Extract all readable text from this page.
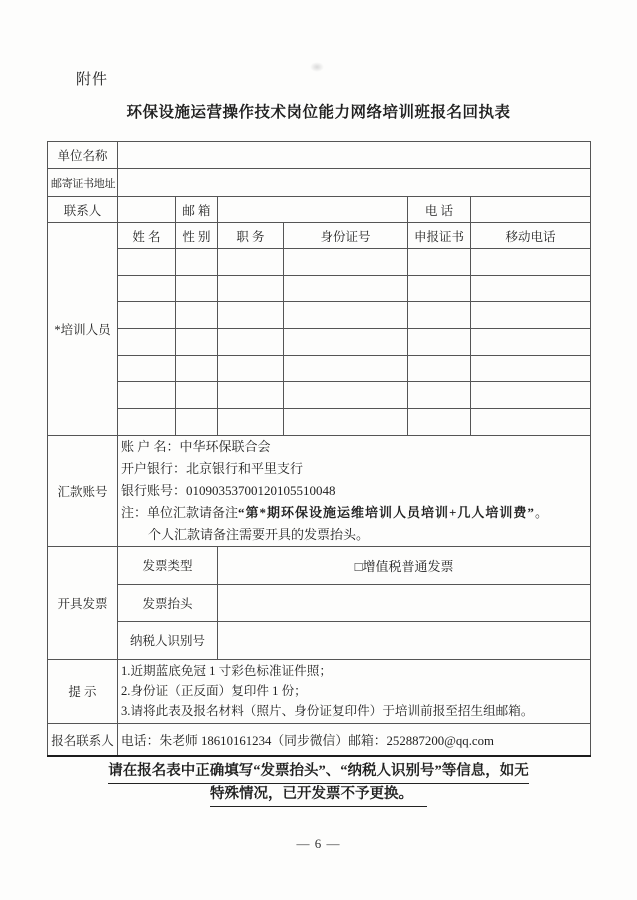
附件
环保设施运营操作技术岗位能力网络培训班报名回执表
单位名称						
邮寄证书地址						
联系人		邮 箱			电 话	
*培训人员	姓 名	性 别	职 务	身份证号	申报证书	移动电话

汇款账号	账 户 名：中华环保联合会
开户银行：北京银行和平里支行
银行账号：01090353700120105510048
注：单位汇款请备注“第*期环保设施运维培训人员培训+几人培训费”。
个人汇款请备注需要开具的发票抬头。					

开具发票	发票类型		□增值税普通发票			
	发票抬头					
	纳税人识别号					
提 示	1.近期蓝底免冠 1 寸彩色标准证件照；
2.身份证（正反面）复印件 1 份；
3.请将此表及报名材料（照片、身份证复印件）于培训前报至招生组邮箱。					

报名联系人	电话：朱老师 18610161234（同步微信）邮箱：252887200@qq.com					
请在报名表中正确填写“发票抬头”、“纳税人识别号”等信息，如无
特殊情况，已开发票不予更换。
— 6 —
